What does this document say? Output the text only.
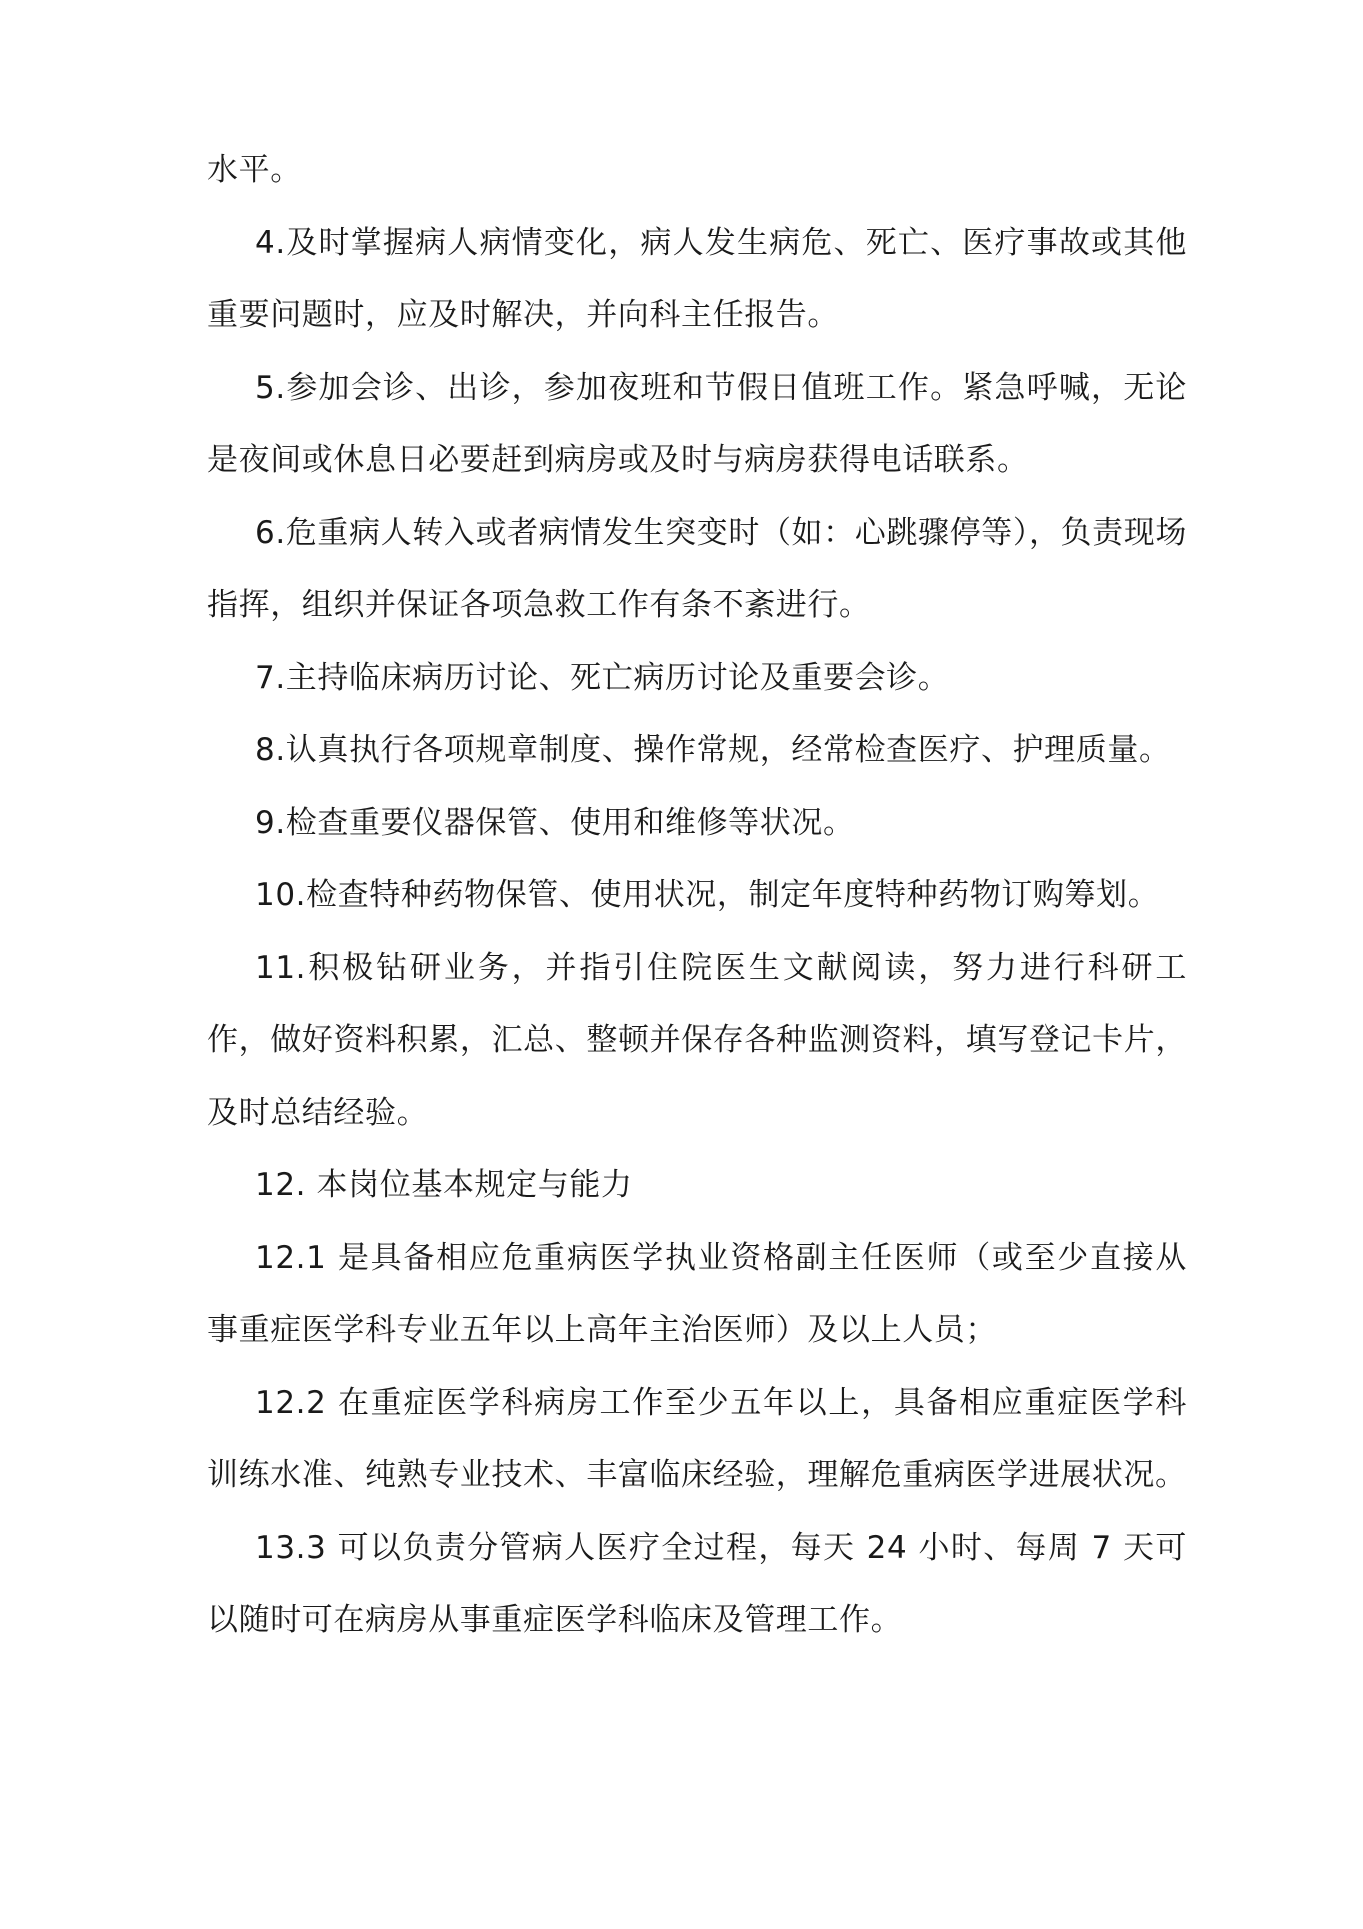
水平。

4.及时掌握病人病情变化，病人发生病危、死亡、医疗事故或其他重要问题时，应及时解决，并向科主任报告。

5.参加会诊、出诊，参加夜班和节假日值班工作。紧急呼喊，无论是夜间或休息日必要赶到病房或及时与病房获得电话联系。

6.危重病人转入或者病情发生突变时（如：心跳骤停等），负责现场指挥，组织并保证各项急救工作有条不紊进行。

7.主持临床病历讨论、死亡病历讨论及重要会诊。

8.认真执行各项规章制度、操作常规，经常检查医疗、护理质量。

9.检查重要仪器保管、使用和维修等状况。

10.检查特种药物保管、使用状况，制定年度特种药物订购筹划。

11.积极钻研业务，并指引住院医生文献阅读，努力进行科研工作，做好资料积累，汇总、整顿并保存各种监测资料，填写登记卡片，及时总结经验。

12. 本岗位基本规定与能力

12.1 是具备相应危重病医学执业资格副主任医师（或至少直接从事重症医学科专业五年以上高年主治医师）及以上人员；

12.2 在重症医学科病房工作至少五年以上，具备相应重症医学科训练水准、纯熟专业技术、丰富临床经验，理解危重病医学进展状况。

13.3 可以负责分管病人医疗全过程，每天 24 小时、每周 7 天可以随时可在病房从事重症医学科临床及管理工作。
